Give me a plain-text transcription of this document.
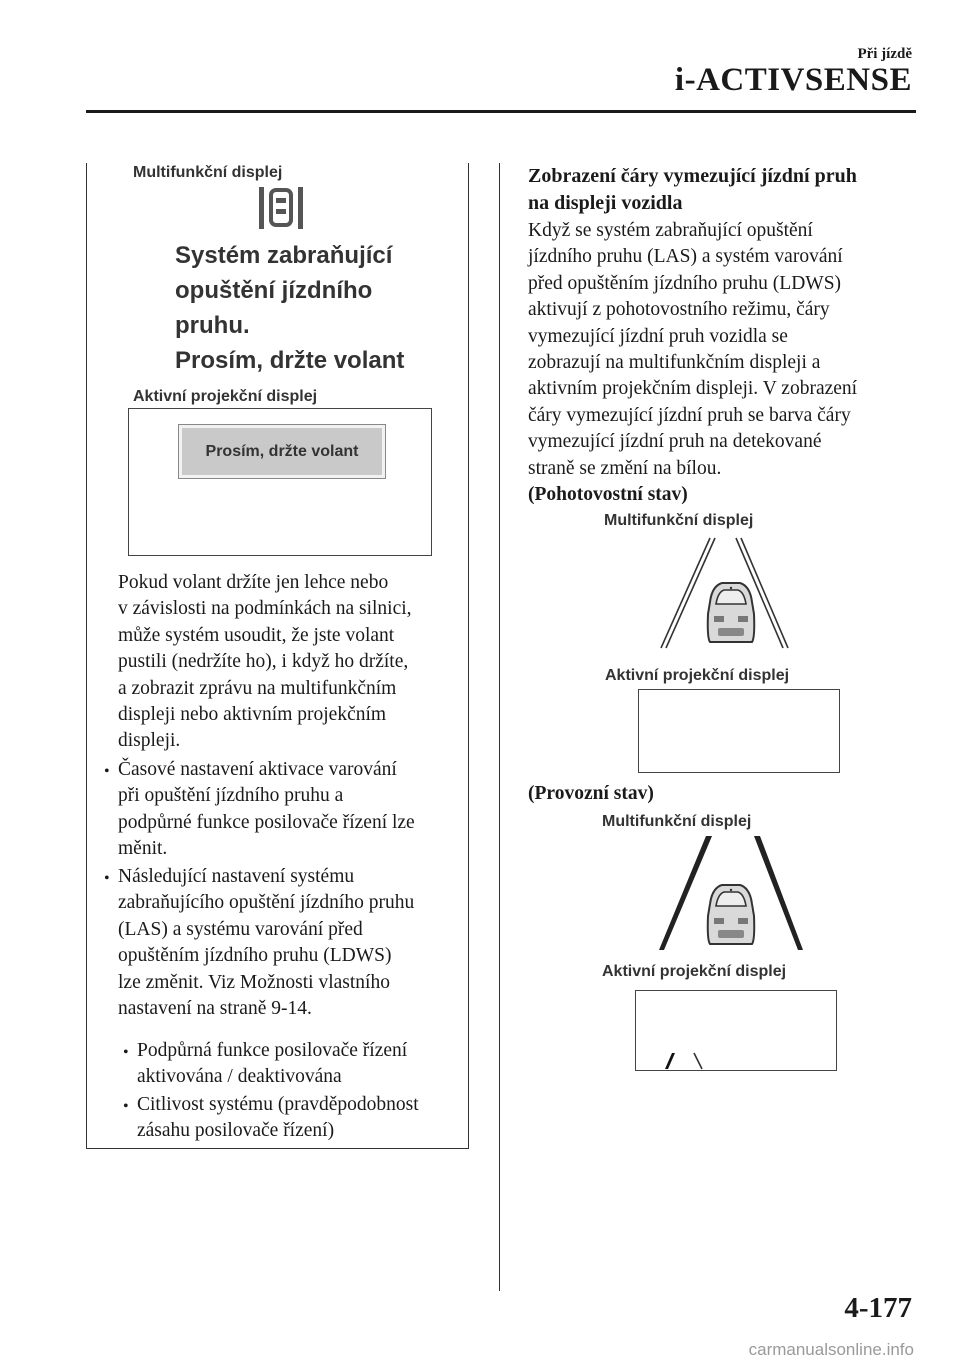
Při jízdě
i-ACTIVSENSE
Multifunkční displej
Systém zabraňující
opuštění jízdního
pruhu.
Prosím, držte volant
Aktivní projekční displej
Prosím, držte volant
Pokud volant držíte jen lehce nebo
v závislosti na podmínkách na silnici,
může systém usoudit, že jste volant
pustili (nedržíte ho), i když ho držíte,
a zobrazit zprávu na multifunkčním
displeji nebo aktivním projekčním
displeji.
• Časové nastavení aktivace varování
při opuštění jízdního pruhu a
podpůrné funkce posilovače řízení lze
měnit.
• Následující nastavení systému
zabraňujícího opuštění jízdního pruhu
(LAS) a systému varování před
opuštěním jízdního pruhu (LDWS)
lze změnit. Viz Možnosti vlastního
nastavení na straně 9-14.
• Podpůrná funkce posilovače řízení
aktivována / deaktivována
• Citlivost systému (pravděpodobnost
zásahu posilovače řízení)
Zobrazení čáry vymezující jízdní pruh
na displeji vozidla
Když se systém zabraňující opuštění
jízdního pruhu (LAS) a systém varování
před opuštěním jízdního pruhu (LDWS)
aktivují z pohotovostního režimu, čáry
vymezující jízdní pruh vozidla se
zobrazují na multifunkčním displeji a
aktivním projekčním displeji. V zobrazení
čáry vymezující jízdní pruh se barva čáry
vymezující jízdní pruh na detekované
straně se změní na bílou.
(Pohotovostní stav)
Multifunkční displej
Aktivní projekční displej
(Provozní stav)
Multifunkční displej
Aktivní projekční displej
4-177
carmanualsonline.info
